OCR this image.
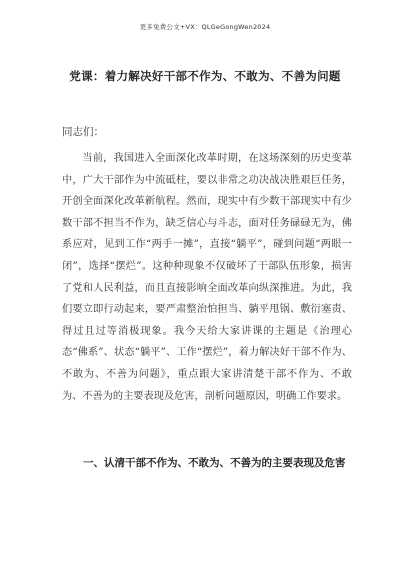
更多免费公文+VX：QLGeGongWen2024
党课：着力解决好干部不作为、不敢为、不善为问题
同志们：

当前，我国进入全面深化改革时期，在这场深刻的历史变革中，广大干部作为中流砥柱，要以非常之功决战决胜艰巨任务，开创全面深化改革新航程。然而，现实中有少数干部现实中有少数干部不担当不作为，缺乏信心与斗志，面对任务碌碌无为，佛系应对，见到工作“两手一摊”，直接“躺平”，碰到问题“两眼一闭”，选择“摆烂”。这种种现象不仅破坏了干部队伍形象，损害了党和人民利益，而且直接影响全面改革向纵深推进。为此，我们要立即行动起来，要严肃整治怕担当、躺平甩锅、敷衍塞责、得过且过等消极现象。我今天给大家讲课的主题是《治理心态“佛系”、状态“躺平”、工作“摆烂”，着力解决好干部不作为、不敢为、不善为问题》，重点跟大家讲清楚干部不作为、不敢为、不善为的主要表现及危害，剖析问题原因，明确工作要求。

一、认清干部不作为、不敢为、不善为的主要表现及危害
